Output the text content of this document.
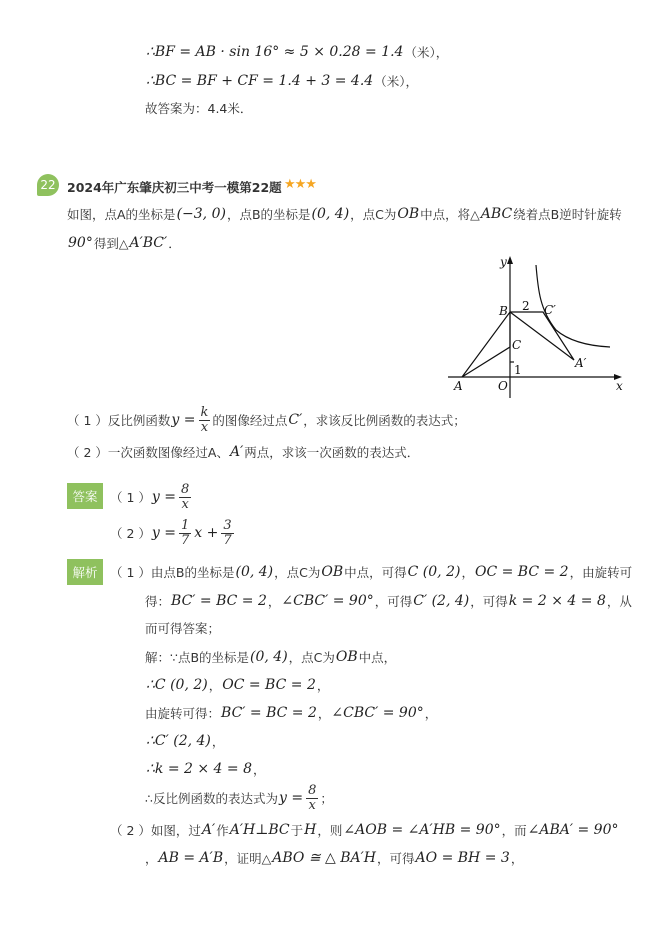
∴BF = AB · sin 16° ≈ 5 × 0.28 = 1.4 （米），
∴BC = BF + CF = 1.4 + 3 = 4.4 （米），
故答案为：4.4米．
22 2024年广东肇庆初三中考一模第22题 ★★★
如图，点A的坐标是 (−3, 0) ，点B的坐标是 (0, 4) ，点C为 OB 中点，将△ ABC 绕着点B逆时针旋转
90° 得到△ A′BC′ ．
y
x
B 2 C′
C
1	A′
A	O
（ 1 ）反比例函数 $y = \frac{k}{x}$ 的图像经过点 C′ ，求该反比例函数的表达式；
（ 2 ）一次函数图像经过A、 A′ 两点，求该一次函数的表达式．
答案	（ 1 ） $y = \frac{8}{x}$
（ 2 ） $y = \frac{1}{7}$ $x + \frac{3}{7}$
解析	（ 1 ）由点B的坐标是 (0, 4) ，点C为 OB 中点，可得 C (0, 2) ， OC = BC = 2 ，由旋转可
得： BC′ = BC = 2 ， ∠CBC′ = 90° ，可得 C′ (2, 4) ，可得 k = 2 × 4 = 8 ，从
而可得答案；
解：∵点B的坐标是 (0, 4) ，点C为 OB 中点，
∴C (0, 2) ， OC = BC = 2 ，
由旋转可得： BC′ = BC = 2 ， ∠CBC′ = 90° ，
∴C′ (2, 4) ，
∴k = 2 × 4 = 8 ，
∴反比例函数的表达式为 $y = \frac{8}{x}$ ；
（ 2 ）如图，过 A′ 作 A′H⊥BC 于 H ，则 ∠AOB = ∠A′HB = 90° ，而 ∠ABA′ = 90°
， AB = A′B ，证明△ ABO ≅ △ BA′H ，可得 AO = BH = 3 ，
